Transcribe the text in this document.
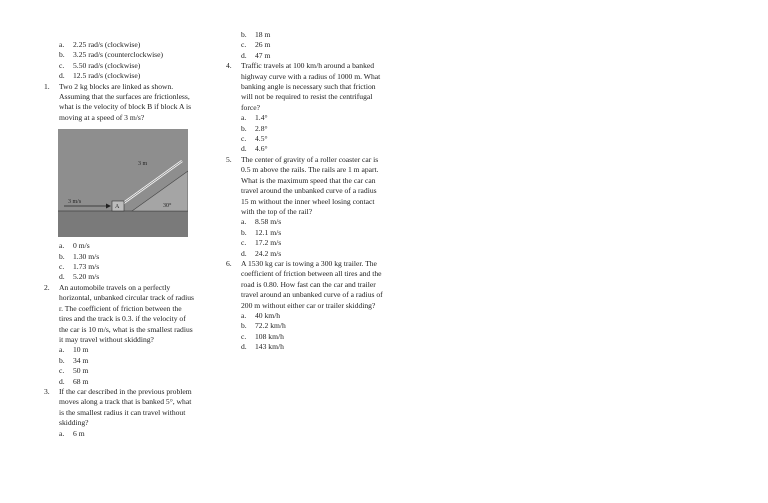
a.	2.25 rad/s (clockwise)
b.	3.25 rad/s (counterclockwise)
c.	5.50 rad/s (clockwise)
d.	12.5 rad/s (clockwise)
1.	Two 2 kg blocks are linked as shown. Assuming that the surfaces are frictionless, what is the velocity of block B if block A is moving at a speed of 3 m/s?
3 m
3 m/s
30°
A
a.	0 m/s
b.	1.30 m/s
c.	1.73 m/s
d.	5.20 m/s
2.	An automobile travels on a perfectly horizontal, unbanked circular track of radius r. The coefficient of friction between the tires and the track is 0.3. if the velocity of the car is 10 m/s, what is the smallest radius it may travel without skidding?
a.	10 m
b.	34 m
c.	50 m
d.	68 m
3.	If the car described in the previous problem moves along a track that is banked 5°, what is the smallest radius it can travel without skidding?
a.	6 m
b.	18 m
c.	26 m
d.	47 m
4.	Traffic travels at 100 km/h around a banked highway curve with a radius of 1000 m. What banking angle is necessary such that friction will not be required to resist the centrifugal force?
a.	1.4°
b.	2.8°
c.	4.5°
d.	4.6°
5.	The center of gravity of a roller coaster car is 0.5 m above the rails. The rails are 1 m apart. What is the maximum speed that the car can travel around the unbanked curve of a radius 15 m without the inner wheel losing contact with the top of the rail?
a.	8.58 m/s
b.	12.1 m/s
c.	17.2 m/s
d.	24.2 m/s
6.	A 1530 kg car is towing a 300 kg trailer. The coefficient of friction between all tires and the road is 0.80. How fast can the car and trailer travel around an unbanked curve of a radius of 200 m without either car or trailer skidding?
a.	40 km/h
b.	72.2 km/h
c.	108 km/h
d.	143 km/h
